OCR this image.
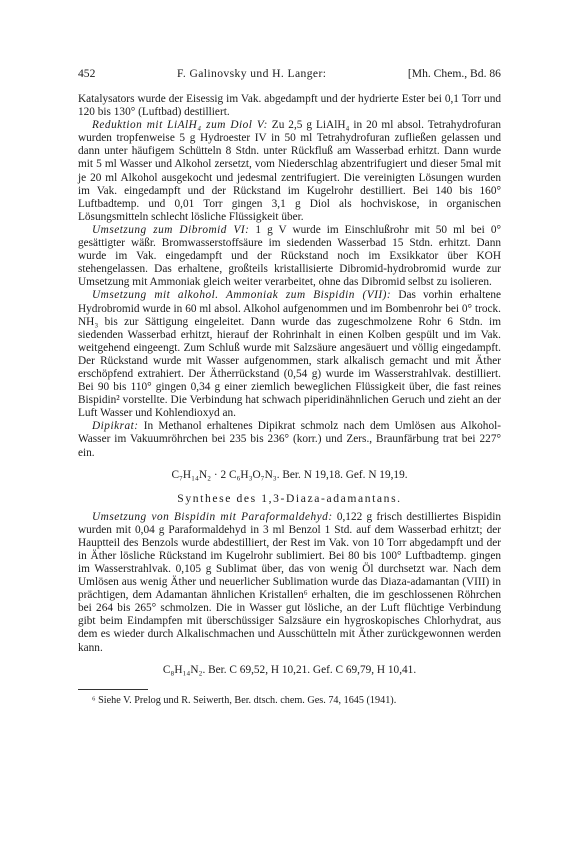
452	F. Galinovsky und H. Langer:	[Mh. Chem., Bd. 86

Katalysators wurde der Eisessig im Vak. abgedampft und der hydrierte Ester bei 0,1 Torr und 120 bis 130° (Luftbad) destilliert.

Reduktion mit LiAlH₄ zum Diol V: Zu 2,5 g LiAlH₄ in 20 ml absol. Tetrahydrofuran wurden tropfenweise 5 g Hydroester IV in 50 ml Tetrahydrofuran zufließen gelassen und dann unter häufigem Schütteln 8 Stdn. unter Rückfluß am Wasserbad erhitzt. Dann wurde mit 5 ml Wasser und Alkohol zersetzt, vom Niederschlag abzentrifugiert und dieser 5mal mit je 20 ml Alkohol ausgekocht und jedesmal zentrifugiert. Die vereinigten Lösungen wurden im Vak. eingedampft und der Rückstand im Kugelrohr destilliert. Bei 140 bis 160° Luftbadtemp. und 0,01 Torr gingen 3,1 g Diol als hochviskose, in organischen Lösungsmitteln schlecht lösliche Flüssigkeit über.

Umsetzung zum Dibromid VI: 1 g V wurde im Einschlußrohr mit 50 ml bei 0° gesättigter wäßr. Bromwasserstoffsäure im siedenden Wasserbad 15 Stdn. erhitzt. Dann wurde im Vak. eingedampft und der Rückstand noch im Exsikkator über KOH stehengelassen. Das erhaltene, großteils kristallisierte Dibromid-hydrobromid wurde zur Umsetzung mit Ammoniak gleich weiter verarbeitet, ohne das Dibromid selbst zu isolieren.

Umsetzung mit alkohol. Ammoniak zum Bispidin (VII): Das vorhin erhaltene Hydrobromid wurde in 60 ml absol. Alkohol aufgenommen und im Bombenrohr bei 0° trock. NH₃ bis zur Sättigung eingeleitet. Dann wurde das zugeschmolzene Rohr 6 Stdn. im siedenden Wasserbad erhitzt, hierauf der Rohrinhalt in einen Kolben gespült und im Vak. weitgehend eingeengt. Zum Schluß wurde mit Salzsäure angesäuert und völlig eingedampft. Der Rückstand wurde mit Wasser aufgenommen, stark alkalisch gemacht und mit Äther erschöpfend extrahiert. Der Ätherrückstand (0,54 g) wurde im Wasserstrahlvak. destilliert. Bei 90 bis 110° gingen 0,34 g einer ziemlich beweglichen Flüssigkeit über, die fast reines Bispidin² vorstellte. Die Verbindung hat schwach piperidinähnlichen Geruch und zieht an der Luft Wasser und Kohlendioxyd an.

Dipikrat: In Methanol erhaltenes Dipikrat schmolz nach dem Umlösen aus Alkohol-Wasser im Vakuumröhrchen bei 235 bis 236° (korr.) und Zers., Braunfärbung trat bei 227° ein.

C₇H₁₄N₂ · 2 C₆H₃O₇N₃. Ber. N 19,18. Gef. N 19,19.
Synthese des 1,3-Diaza-adamantans.

Umsetzung von Bispidin mit Paraformaldehyd: 0,122 g frisch destilliertes Bispidin wurden mit 0,04 g Paraformaldehyd in 3 ml Benzol 1 Std. auf dem Wasserbad erhitzt; der Hauptteil des Benzols wurde abdestilliert, der Rest im Vak. von 10 Torr abgedampft und der in Äther lösliche Rückstand im Kugelrohr sublimiert. Bei 80 bis 100° Luftbadtemp. gingen im Wasserstrahlvak. 0,105 g Sublimat über, das von wenig Öl durchsetzt war. Nach dem Umlösen aus wenig Äther und neuerlicher Sublimation wurde das Diaza-adamantan (VIII) in prächtigen, dem Adamantan ähnlichen Kristallen⁶ erhalten, die im geschlossenen Röhrchen bei 264 bis 265° schmolzen. Die in Wasser gut lösliche, an der Luft flüchtige Verbindung gibt beim Eindampfen mit überschüssiger Salzsäure ein hygroskopisches Chlorhydrat, aus dem es wieder durch Alkalischmachen und Ausschütteln mit Äther zurückgewonnen werden kann.

C₈H₁₄N₂. Ber. C 69,52, H 10,21. Gef. C 69,79, H 10,41.
⁶ Siehe V. Prelog und R. Seiwerth, Ber. dtsch. chem. Ges. 74, 1645 (1941).
